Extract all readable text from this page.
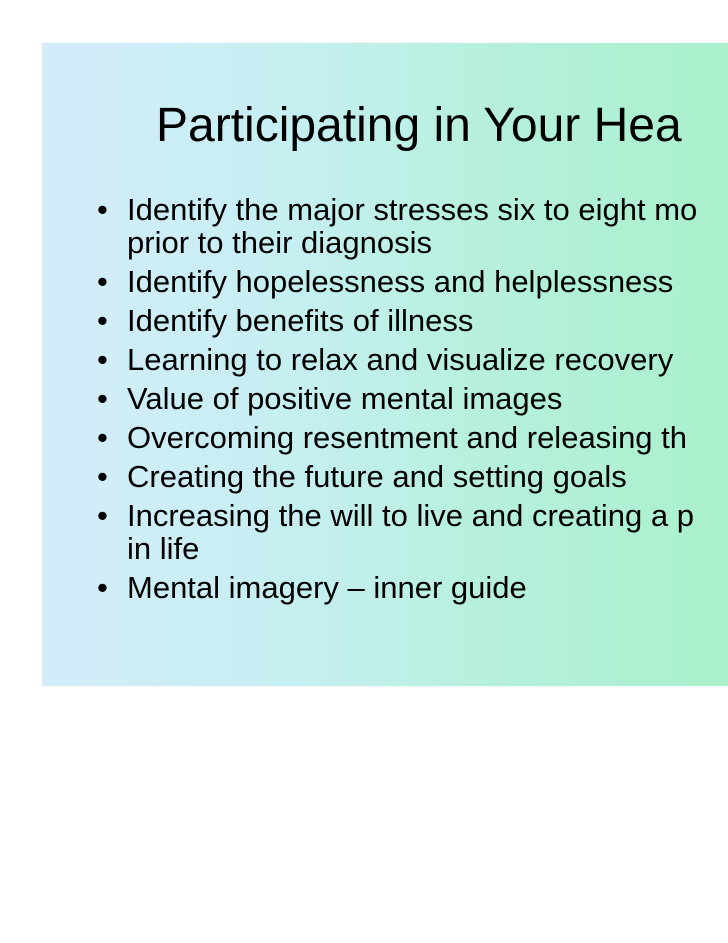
Participating in Your Hea
• Identify the major stresses six to eight mo
prior to their diagnosis
• Identify hopelessness and helplessness
• Identify benefits of illness
• Learning to relax and visualize recovery
• Value of positive mental images
• Overcoming resentment and releasing th
• Creating the future and setting goals
• Increasing the will to live and creating a p
in life
• Mental imagery – inner guide
